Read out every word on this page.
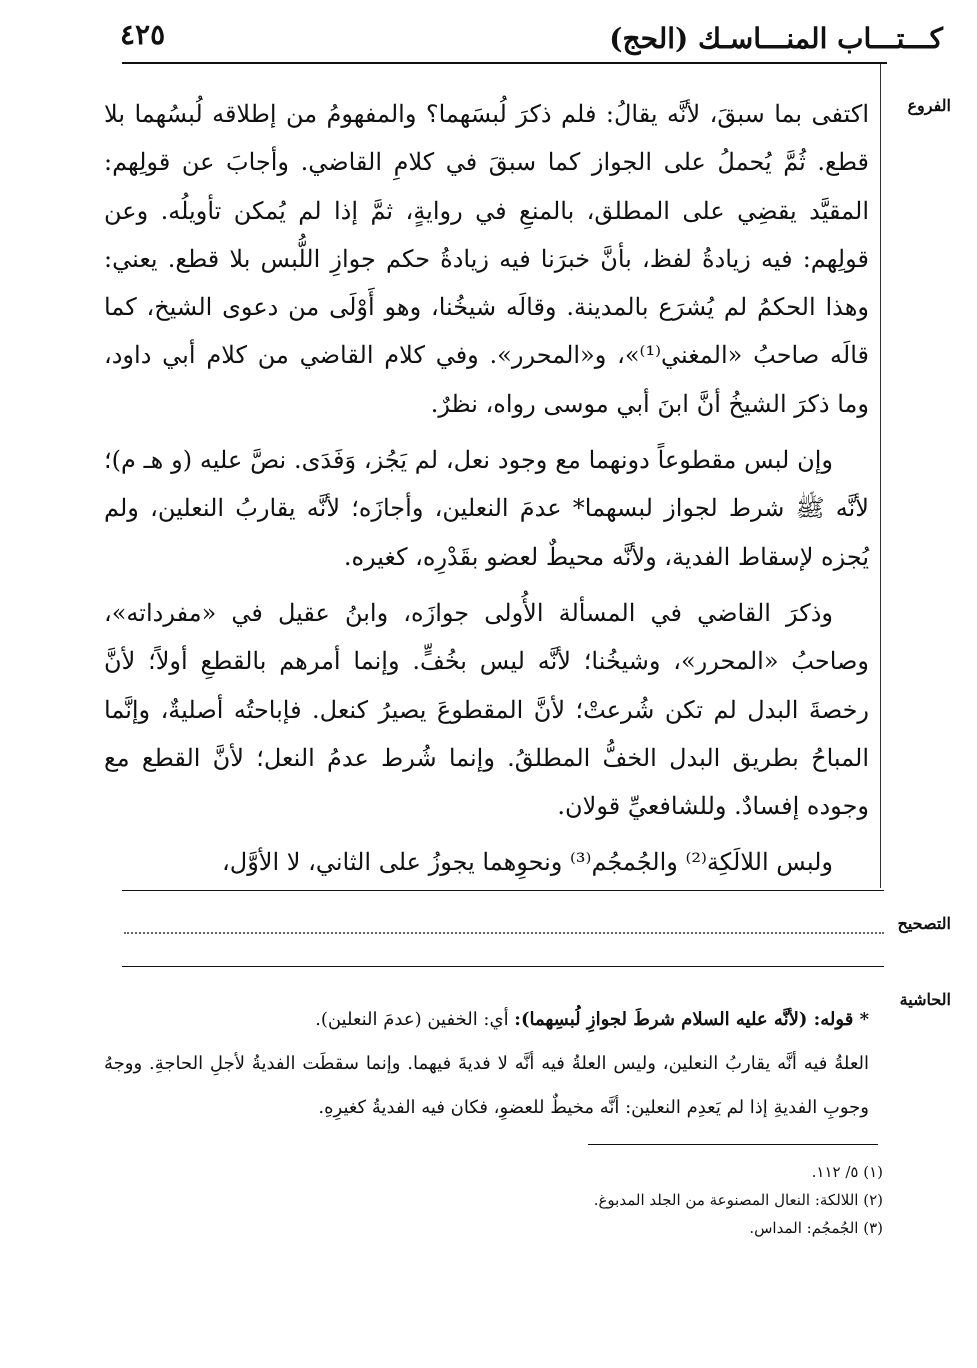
كـــتـــاب المنـــاسـك (الحج)
٤٢٥
الفروع
التصحيح
الحاشية

اكتفى بما سبقَ، لأنَّه يقالُ: فلم ذكرَ لُبسَهما؟ والمفهومُ من إطلاقه لُبسُهما بلا قطع. ثُمَّ يُحملُ على الجواز كما سبقَ في كلامِ القاضي. وأجابَ عن قولِهم: المقيَّد يقضِي على المطلق، بالمنعِ في روايةٍ، ثمَّ إذا لم يُمكن تأويلُه. وعن قولِهم: فيه زيادةُ لفظ، بأنَّ خبرَنا فيه زيادةُ حكم جوازِ اللُّبس بلا قطع. يعني: وهذا الحكمُ لم يُشرَع بالمدينة. وقالَه شيخُنا، وهو أَوْلَى من دعوى الشيخ، كما قالَه صاحبُ «المغني⁽¹⁾»، و«المحرر». وفي كلام القاضي من كلام أبي داود، وما ذكرَ الشيخُ أنَّ ابنَ أبي موسى رواه، نظرٌ.

وإن لبس مقطوعاً دونهما مع وجود نعل، لم يَجُز، وَفَدَى. نصَّ عليه (و هـ م)؛ لأنَّه ﷺ شرط لجواز لبسهما* عدمَ النعلين، وأجازَه؛ لأنَّه يقاربُ النعلين، ولم يُجزه لإسقاط الفدية، ولأنَّه محيطٌ لعضو بقَدْرِه، كغيره.

وذكرَ القاضي في المسألة الأُولى جوازَه، وابنُ عقيل في «مفرداته»، وصاحبُ «المحرر»، وشيخُنا؛ لأنَّه ليس بخُفٍّ. وإنما أمرهم بالقطعِ أولاً؛ لأنَّ رخصةَ البدل لم تكن شُرعتْ؛ لأنَّ المقطوعَ يصيرُ كنعل. فإباحتُه أصليةٌ، وإنَّما المباحُ بطريق البدل الخفُّ المطلقُ. وإنما شُرط عدمُ النعل؛ لأنَّ القطع مع وجوده إفسادٌ. وللشافعيِّ قولان.

ولبس اللالَكِة⁽²⁾ والجُمجُم⁽³⁾ ونحوِهما يجوزُ على الثاني، لا الأوَّل،

* قوله: (لأنَّه عليه السلام شرطَ لجوازِ لُبسِهما): أي: الخفين (عدمَ النعلين).

العلةُ فيه أنَّه يقاربُ النعلين، وليس العلةُ فيه أنَّه لا فديةَ فيهما. وإنما سقطَت الفديةُ لأجلِ الحاجةِ. ووجهُ وجوبِ الفديةِ إذا لم يَعدِم النعلين: أنَّه مخيطٌ للعضوِ، فكان فيه الفديةُ كغيرِهِ.

(١) ٥/ ١١٢.
(٢) اللالكة: النعال المصنوعة من الجلد المدبوغ.
(٣) الجُمجُم: المداس.
